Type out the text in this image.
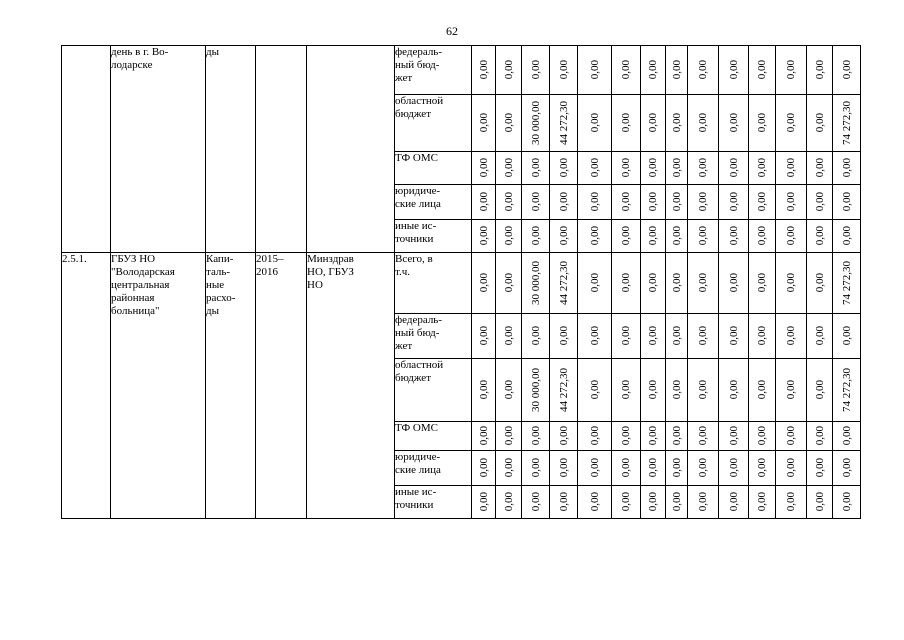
62
	день в г. Во-
лодарске	ды			федераль-
ный бюд-
жет	0,00	0,00	0,00	0,00	0,00	0,00	0,00	0,00	0,00	0,00	0,00	0,00	0,00	0,00

					областной
бюджет	0,00	0,00	30 000,00	44 272,30	0,00	0,00	0,00	0,00	0,00	0,00	0,00	0,00	0,00	74 272,30

					ТФ ОМС	0,00	0,00	0,00	0,00	0,00	0,00	0,00	0,00	0,00	0,00	0,00	0,00	0,00	0,00

					юридиче-
ские лица	0,00	0,00	0,00	0,00	0,00	0,00	0,00	0,00	0,00	0,00	0,00	0,00	0,00	0,00

					иные ис-
точники	0,00	0,00	0,00	0,00	0,00	0,00	0,00	0,00	0,00	0,00	0,00	0,00	0,00	0,00

2.5.1.	ГБУЗ НО
"Володарская
центральная
районная
больница"	Капи-
таль-
ные
расхо-
ды	2015–
2016	Минздрав
НО, ГБУЗ
НО	Всего, в
т.ч.	0,00	0,00	30 000,00	44 272,30	0,00	0,00	0,00	0,00	0,00	0,00	0,00	0,00	0,00	74 272,30

					федераль-
ный бюд-
жет	0,00	0,00	0,00	0,00	0,00	0,00	0,00	0,00	0,00	0,00	0,00	0,00	0,00	0,00

					областной
бюджет	0,00	0,00	30 000,00	44 272,30	0,00	0,00	0,00	0,00	0,00	0,00	0,00	0,00	0,00	74 272,30

					ТФ ОМС	0,00	0,00	0,00	0,00	0,00	0,00	0,00	0,00	0,00	0,00	0,00	0,00	0,00	0,00

					юридиче-
ские лица	0,00	0,00	0,00	0,00	0,00	0,00	0,00	0,00	0,00	0,00	0,00	0,00	0,00	0,00

					иные ис-
точники	0,00	0,00	0,00	0,00	0,00	0,00	0,00	0,00	0,00	0,00	0,00	0,00	0,00	0,00
